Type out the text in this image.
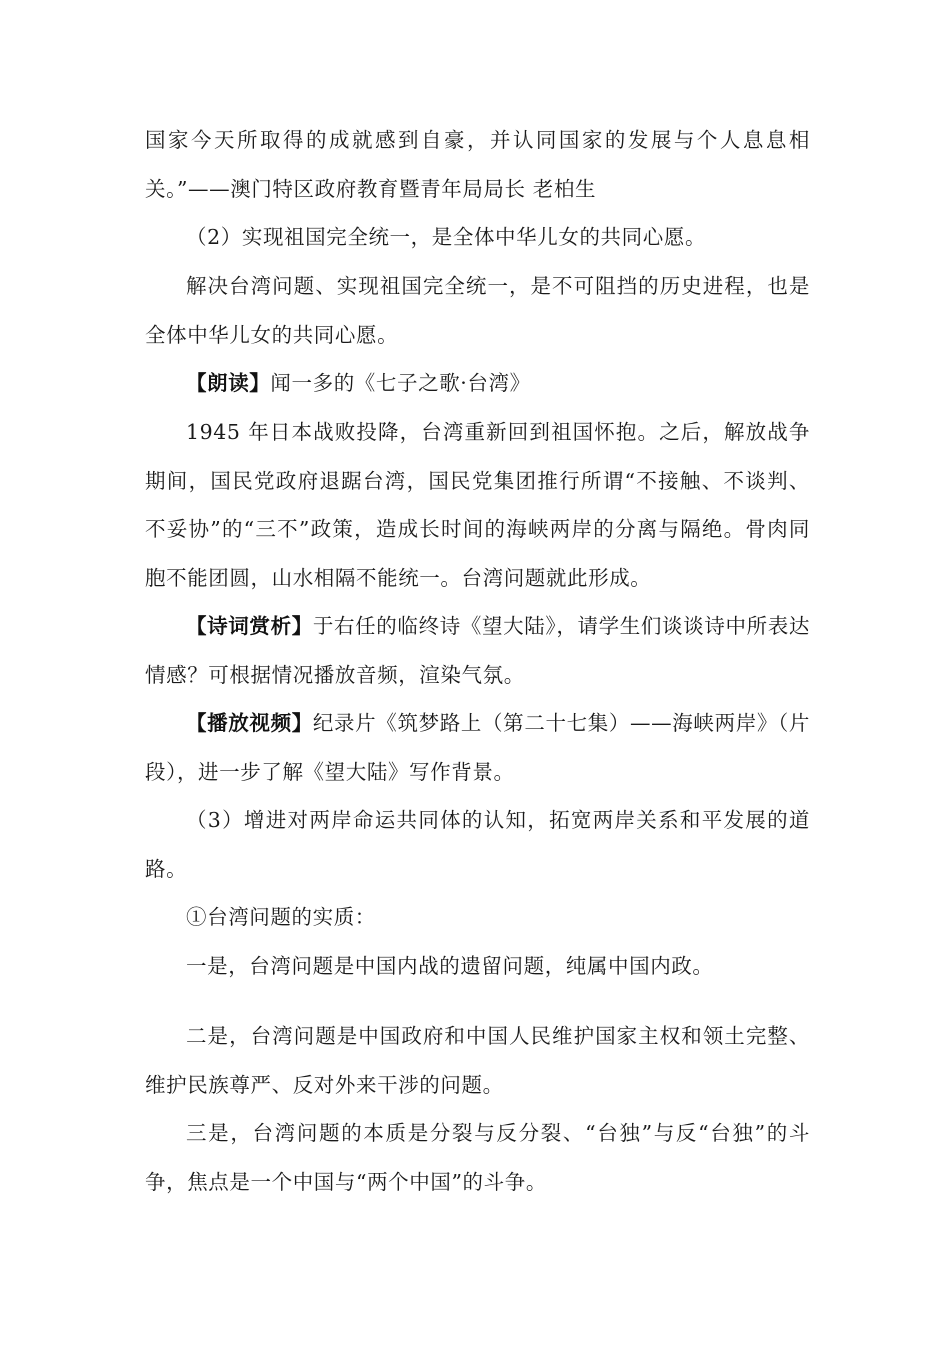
国家今天所取得的成就感到自豪，并认同国家的发展与个人息息相关。”——澳门特区政府教育暨青年局局长 老柏生

（2）实现祖国完全统一，是全体中华儿女的共同心愿。

解决台湾问题、实现祖国完全统一，是不可阻挡的历史进程，也是全体中华儿女的共同心愿。

【朗读】闻一多的《七子之歌·台湾》

1945 年日本战败投降，台湾重新回到祖国怀抱。之后，解放战争期间，国民党政府退踞台湾，国民党集团推行所谓“不接触、不谈判、不妥协”的“三不”政策，造成长时间的海峡两岸的分离与隔绝。骨肉同胞不能团圆，山水相隔不能统一。台湾问题就此形成。

【诗词赏析】于右任的临终诗《望大陆》，请学生们谈谈诗中所表达情感？可根据情况播放音频，渲染气氛。

【播放视频】纪录片《筑梦路上（第二十七集）——海峡两岸》（片段），进一步了解《望大陆》写作背景。

（3）增进对两岸命运共同体的认知，拓宽两岸关系和平发展的道路。

①台湾问题的实质：

一是，台湾问题是中国内战的遗留问题，纯属中国内政。

二是，台湾问题是中国政府和中国人民维护国家主权和领土完整、维护民族尊严、反对外来干涉的问题。

三是，台湾问题的本质是分裂与反分裂、“台独”与反“台独”的斗争，焦点是一个中国与“两个中国”的斗争。
